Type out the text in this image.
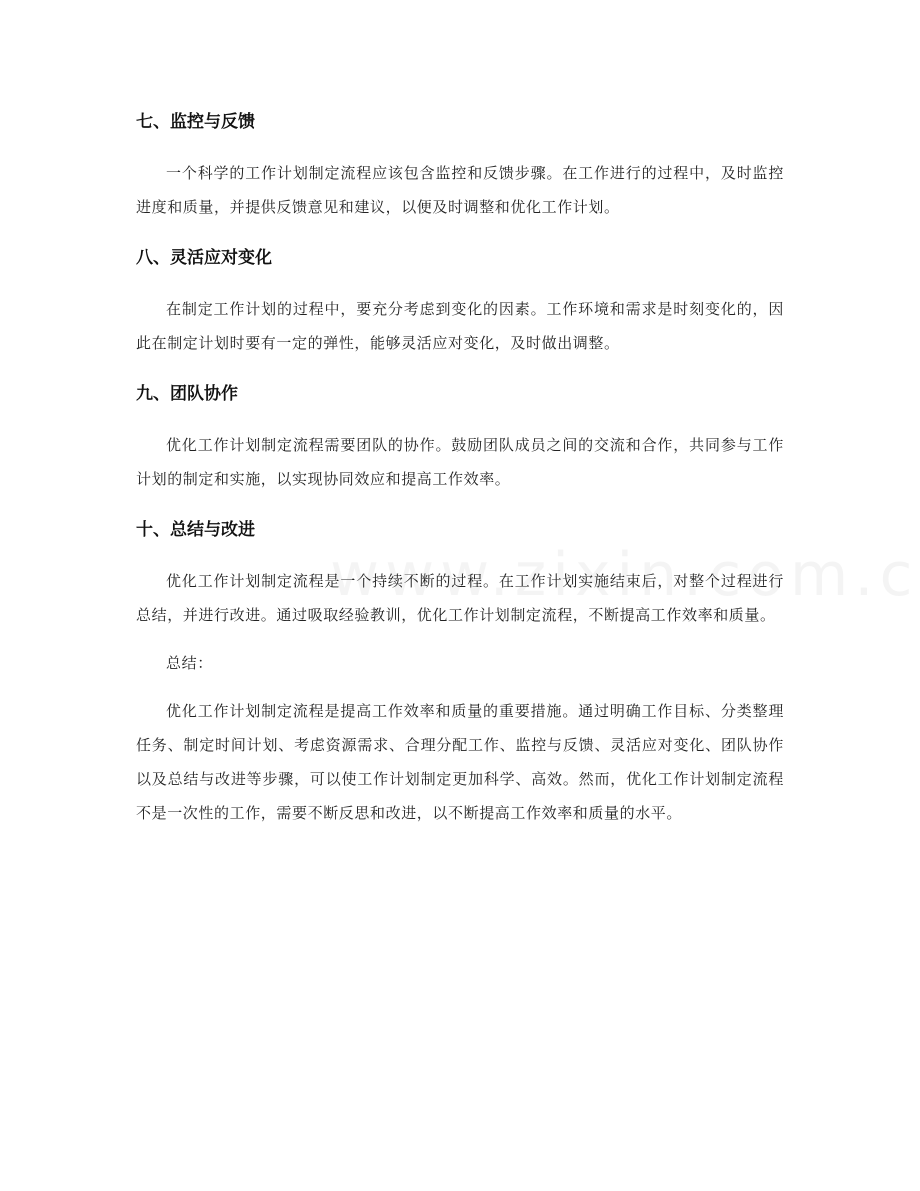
七、监控与反馈

一个科学的工作计划制定流程应该包含监控和反馈步骤。在工作进行的过程中，及时监控进度和质量，并提供反馈意见和建议，以便及时调整和优化工作计划。

八、灵活应对变化

在制定工作计划的过程中，要充分考虑到变化的因素。工作环境和需求是时刻变化的，因此在制定计划时要有一定的弹性，能够灵活应对变化，及时做出调整。

九、团队协作

优化工作计划制定流程需要团队的协作。鼓励团队成员之间的交流和合作，共同参与工作计划的制定和实施，以实现协同效应和提高工作效率。

十、总结与改进

优化工作计划制定流程是一个持续不断的过程。在工作计划实施结束后，对整个过程进行总结，并进行改进。通过吸取经验教训，优化工作计划制定流程，不断提高工作效率和质量。

总结：

优化工作计划制定流程是提高工作效率和质量的重要措施。通过明确工作目标、分类整理任务、制定时间计划、考虑资源需求、合理分配工作、监控与反馈、灵活应对变化、团队协作以及总结与改进等步骤，可以使工作计划制定更加科学、高效。然而，优化工作计划制定流程不是一次性的工作，需要不断反思和改进，以不断提高工作效率和质量的水平。
